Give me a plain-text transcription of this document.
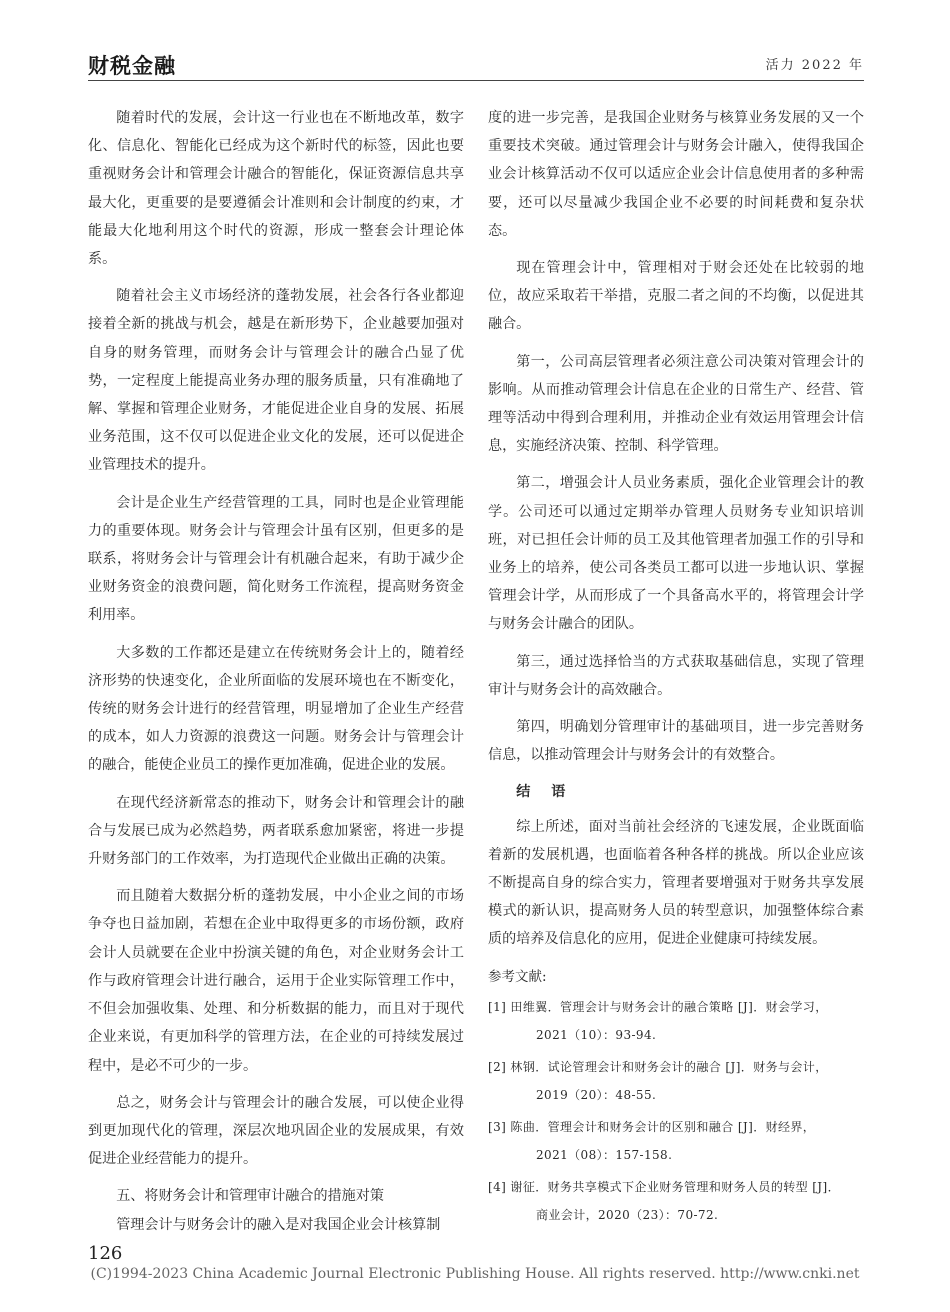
财税金融	活力 2022 年

随着时代的发展，会计这一行业也在不断地改革，数字化、信息化、智能化已经成为这个新时代的标签，因此也要重视财务会计和管理会计融合的智能化，保证资源信息共享最大化，更重要的是要遵循会计准则和会计制度的约束，才能最大化地利用这个时代的资源，形成一整套会计理论体系。

随着社会主义市场经济的蓬勃发展，社会各行各业都迎接着全新的挑战与机会，越是在新形势下，企业越要加强对自身的财务管理，而财务会计与管理会计的融合凸显了优势，一定程度上能提高业务办理的服务质量，只有准确地了解、掌握和管理企业财务，才能促进企业自身的发展、拓展业务范围，这不仅可以促进企业文化的发展，还可以促进企业管理技术的提升。

会计是企业生产经营管理的工具，同时也是企业管理能力的重要体现。财务会计与管理会计虽有区别，但更多的是联系，将财务会计与管理会计有机融合起来，有助于减少企业财务资金的浪费问题，简化财务工作流程，提高财务资金利用率。

大多数的工作都还是建立在传统财务会计上的，随着经济形势的快速变化，企业所面临的发展环境也在不断变化，传统的财务会计进行的经营管理，明显增加了企业生产经营的成本，如人力资源的浪费这一问题。财务会计与管理会计的融合，能使企业员工的操作更加准确，促进企业的发展。

在现代经济新常态的推动下，财务会计和管理会计的融合与发展已成为必然趋势，两者联系愈加紧密，将进一步提升财务部门的工作效率，为打造现代企业做出正确的决策。

而且随着大数据分析的蓬勃发展，中小企业之间的市场争夺也日益加剧，若想在企业中取得更多的市场份额，政府会计人员就要在企业中扮演关键的角色，对企业财务会计工作与政府管理会计进行融合，运用于企业实际管理工作中，不但会加强收集、处理、和分析数据的能力，而且对于现代企业来说，有更加科学的管理方法，在企业的可持续发展过程中，是必不可少的一步。

总之，财务会计与管理会计的融合发展，可以使企业得到更加现代化的管理，深层次地巩固企业的发展成果，有效促进企业经营能力的提升。

五、将财务会计和管理审计融合的措施对策

管理会计与财务会计的融入是对我国企业会计核算制

度的进一步完善，是我国企业财务与核算业务发展的又一个重要技术突破。通过管理会计与财务会计融入，使得我国企业会计核算活动不仅可以适应企业会计信息使用者的多种需要，还可以尽量减少我国企业不必要的时间耗费和复杂状态。

现在管理会计中，管理相对于财会还处在比较弱的地位，故应采取若干举措，克服二者之间的不均衡，以促进其融合。

第一，公司高层管理者必须注意公司决策对管理会计的影响。从而推动管理会计信息在企业的日常生产、经营、管理等活动中得到合理利用，并推动企业有效运用管理会计信息，实施经济决策、控制、科学管理。

第二，增强会计人员业务素质，强化企业管理会计的教学。公司还可以通过定期举办管理人员财务专业知识培训班，对已担任会计师的员工及其他管理者加强工作的引导和业务上的培养，使公司各类员工都可以进一步地认识、掌握管理会计学，从而形成了一个具备高水平的，将管理会计学与财务会计融合的团队。

第三，通过选择恰当的方式获取基础信息，实现了管理审计与财务会计的高效融合。

第四，明确划分管理审计的基础项目，进一步完善财务信息，以推动管理会计与财务会计的有效整合。

结 语

综上所述，面对当前社会经济的飞速发展，企业既面临着新的发展机遇，也面临着各种各样的挑战。所以企业应该不断提高自身的综合实力，管理者要增强对于财务共享发展模式的新认识，提高财务人员的转型意识，加强整体综合素质的培养及信息化的应用，促进企业健康可持续发展。

参考文献:
[1] 田维翼．管理会计与财务会计的融合策略 [J]．财会学习，
2021（10）：93-94.
[2] 林钢．试论管理会计和财务会计的融合 [J]．财务与会计，
2019（20）：48-55.
[3] 陈曲．管理会计和财务会计的区别和融合 [J]．财经界，
2021（08）：157-158.
[4] 谢征．财务共享模式下企业财务管理和财务人员的转型 [J]．
商业会计，2020（23）：70-72.
126
(C)1994-2023 China Academic Journal Electronic Publishing House. All rights reserved. http://www.cnki.net
